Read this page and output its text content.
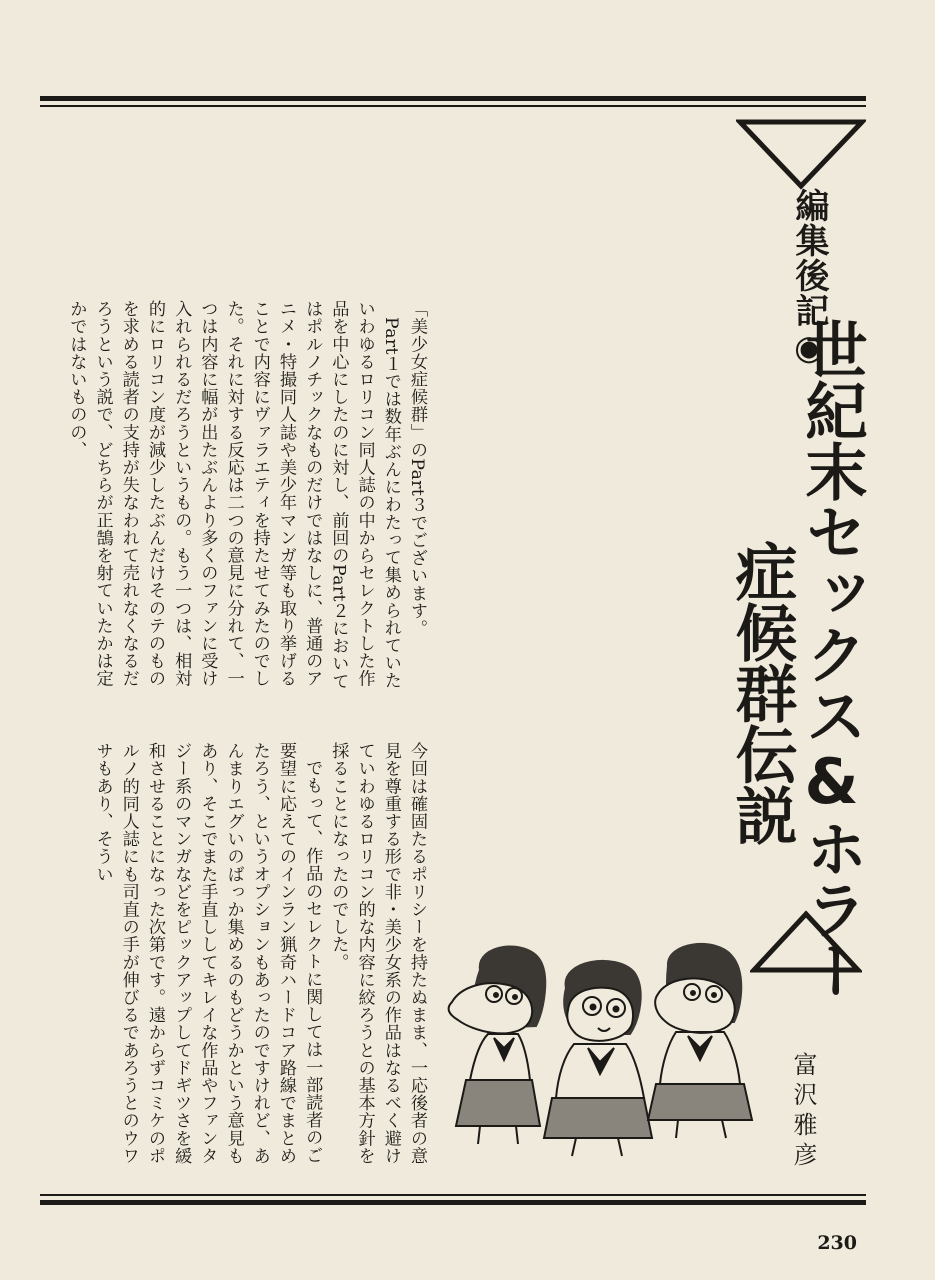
編集後記◉
世紀末セックス&ホラー
症候群伝説
富沢雅彦

「美少女症候群」のPart３でございます。

Part１では数年ぶんにわたって集められていたいわゆるロリコン同人誌の中からセレクトした作品を中心にしたのに対し、前回のPart２においてはポルノチックなものだけではなしに、普通のアニメ・特撮同人誌や美少年マンガ等も取り挙げることで内容にヴァラエティを持たせてみたのでした。それに対する反応は二つの意見に分れて、一つは内容に幅が出たぶんより多くのファンに受け入れられるだろうというもの。もう一つは、相対的にロリコン度が減少したぶんだけそのテのものを求める読者の支持が失なわれて売れなくなるだろうという説で、どちらが正鵠を射ていたかは定かではないものの、

今回は確固たるポリシーを持たぬまま、一応後者の意見を尊重する形で非・美少女系の作品はなるべく避けていわゆるロリコン的な内容に絞ろうとの基本方針を採ることになったのでした。

でもって、作品のセレクトに関しては一部読者のご要望に応えてのインラン猟奇ハードコア路線でまとめたろう、というオプションもあったのですけれど、あんまりエグいのばっか集めるのもどうかという意見もあり、そこでまた手直ししてキレイな作品やファンタジー系のマンガなどをピックアップしてドギツさを緩和させることになった次第です。遠からずコミケのポルノ的同人誌にも司直の手が伸びるであろうとのウワサもあり、そうい

230
